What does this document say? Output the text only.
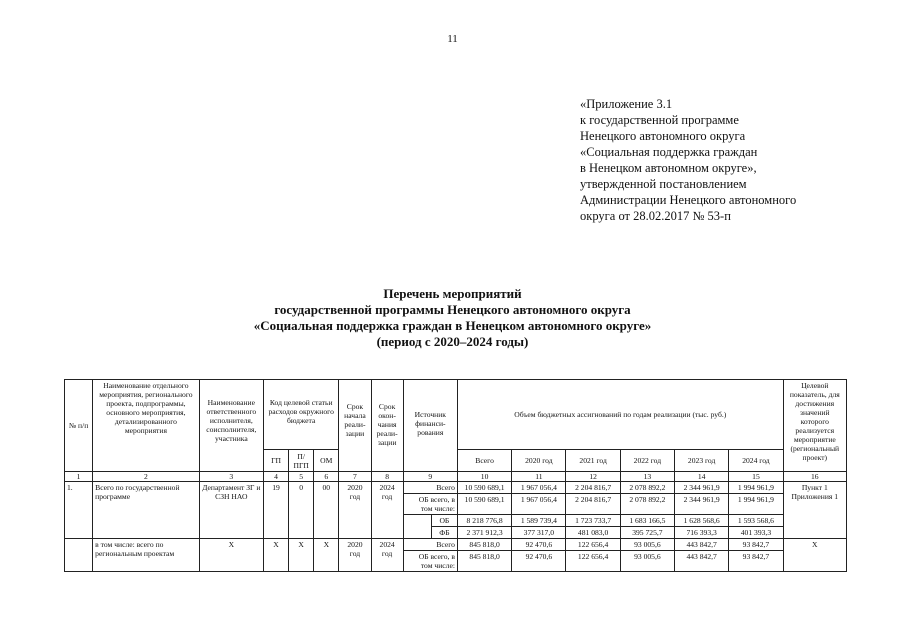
11
«Приложение 3.1
к государственной программе
Ненецкого автономного округа
«Социальная поддержка граждан
в Ненецком автономном округе»,
утвержденной постановлением
Администрации Ненецкого автономного
округа от 28.02.2017 № 53-п
Перечень мероприятий
государственной программы Ненецкого автономного округа
«Социальная поддержка граждан в Ненецком автономного округе»
(период с 2020–2024 годы)
№ п/п	Наименование отдельного мероприятия, регионального проекта, подпрограммы, основного мероприятия, детализированного мероприятия	Наименование ответственного исполнителя, соисполнителя, участника	Код целевой статьи расходов окружного бюджета			Срок начала реали- зации	Срок окон- чания реали- зации	Источник финанси- рования		Объем бюджетных ассигнований по годам реализации (тыс. руб.)						Целевой показатель, для достижения значений которого реализуется мероприятие (региональный проект)
			ГП	П/ ПГП	ОМ					Всего	2020 год	2021 год	2022 год	2023 год	2024 год	
1	2	3	4	5	6	7	8	9		10	11	12	13	14	15	16
1.	Всего по государственной программе	Департамент ЗГ и СЗН НАО	19	0	00	2020 год	2024 год	Всего		10 590 689,1	1 967 056,4	2 204 816,7	2 078 892,2	2 344 961,9	1 994 961,9	Пункт 1 Приложения 1
								ОБ всего, в том числе:		10 590 689,1	1 967 056,4	2 204 816,7	2 078 892,2	2 344 961,9	1 994 961,9	
									ОБ	8 218 776,8	1 589 739,4	1 723 733,7	1 683 166,5	1 628 568,6	1 593 568,6	
									ФБ	2 371 912,3	377 317,0	481 083,0	395 725,7	716 393,3	401 393,3	
	в том числе: всего по региональным проектам	Х	Х	Х	Х	2020 год	2024 год	Всего		845 818,0	92 470,6	122 656,4	93 005,6	443 842,7	93 842,7	Х
								ОБ всего, в том числе:		845 818,0	92 470,6	122 656,4	93 005,6	443 842,7	93 842,7	
